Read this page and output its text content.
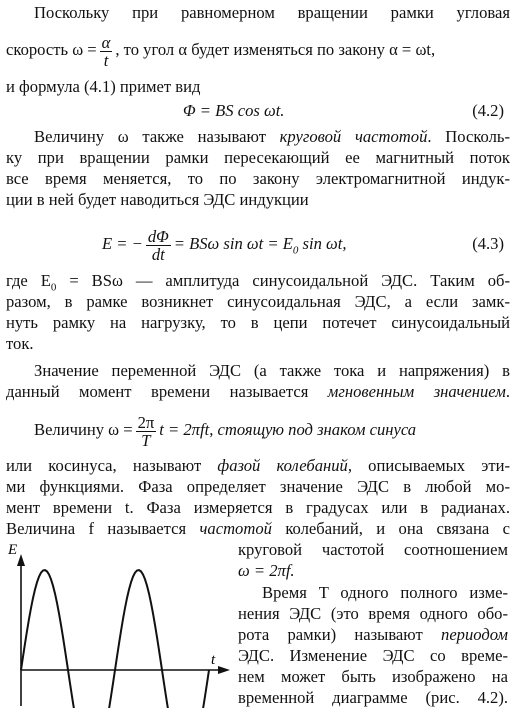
Поскольку при равномерном вращении рамки угловая
скорость $\omega = \frac{\alpha}{t}$ , то угол α будет изменяться по закону α = ωt,
и формула (4.1) примет вид
Φ = BS cos ωt.	(4.2)
Величину ω также называют круговой частотой. Посколь-
ку при вращении рамки пересекающий ее магнитный поток
все время меняется, то по закону электромагнитной индук-
ции в ней будет наводиться ЭДС индукции
E = − $\frac{d\Phi}{dt} = BS\omega$ $\sin \omega t = E_0$ sin ωt,	(4.3)
где $E_0 = BS\omega$ — амплитуда синусоидальной ЭДС. Таким об-
разом, в рамке возникнет синусоидальная ЭДС, а если замк-
нуть рамку на нагрузку, то в цепи потечет синусоидальный
ток.
Значение переменной ЭДС (а также тока и напряжения) в
данный момент времени называется мгновенным значением.
Величину $\omega = \frac{2\pi}{T}$ t = 2πft, стоящую под знаком синуса
или косинуса, называют фазой колебаний, описываемых эти-
ми функциями. Фаза определяет значение ЭДС в любой мо-
мент времени t. Фаза измеряется в градусах или в радианах.
Величина f называется частотой колебаний, и она связана с
E
t
круговой частотой соотношением
ω = 2πf.
Время T одного полного изме-
нения ЭДС (это время одного обо-
рота рамки) называют периодом
ЭДС. Изменение ЭДС со време-
нем может быть изображено на
временной диаграмме (рис. 4.2).
